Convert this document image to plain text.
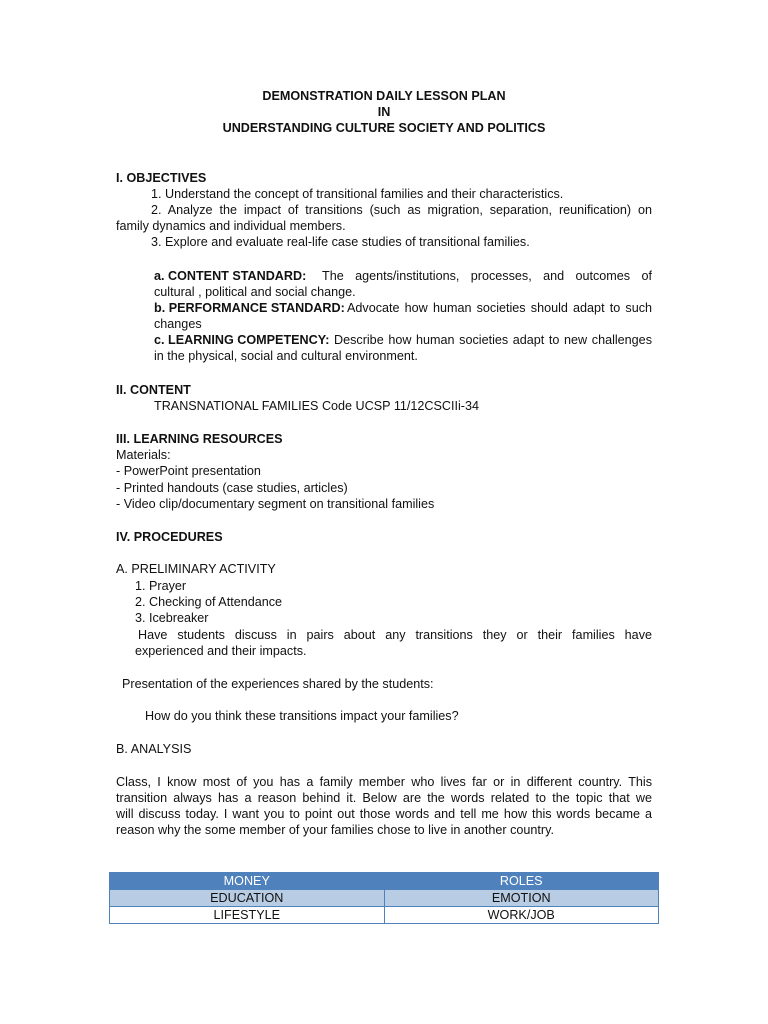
DEMONSTRATION DAILY LESSON PLAN
IN
UNDERSTANDING CULTURE SOCIETY AND POLITICS
I. OBJECTIVES
1. Understand the concept of transitional families and their characteristics.
2. Analyze the impact of transitions (such as migration, separation, reunification) on
family dynamics and individual members.
3. Explore and evaluate real-life case studies of transitional families.
a. CONTENT STANDARD: The agents/institutions, processes, and outcomes of
cultural , political and social change.
b. PERFORMANCE STANDARD: Advocate how human societies should adapt to such
changes
c. LEARNING COMPETENCY: Describe how human societies adapt to new challenges
in the physical, social and cultural environment.
II. CONTENT
TRANSNATIONAL FAMILIES Code UCSP 11/12CSCIIi-34
III. LEARNING RESOURCES
Materials:
- PowerPoint presentation
- Printed handouts (case studies, articles)
- Video clip/documentary segment on transitional families
IV. PROCEDURES
A. PRELIMINARY ACTIVITY
1. Prayer
2. Checking of Attendance
3. Icebreaker
Have students discuss in pairs about any transitions they or their families have
experienced and their impacts.
Presentation of the experiences shared by the students:
How do you think these transitions impact your families?
B. ANALYSIS
Class, I know most of you has a family member who lives far or in different country. This
transition always has a reason behind it. Below are the words related to the topic that we
will discuss today. I want you to point out those words and tell me how this words became a
reason why the some member of your families chose to live in another country.
MONEY	ROLES
EDUCATION	EMOTION
LIFESTYLE	WORK/JOB
